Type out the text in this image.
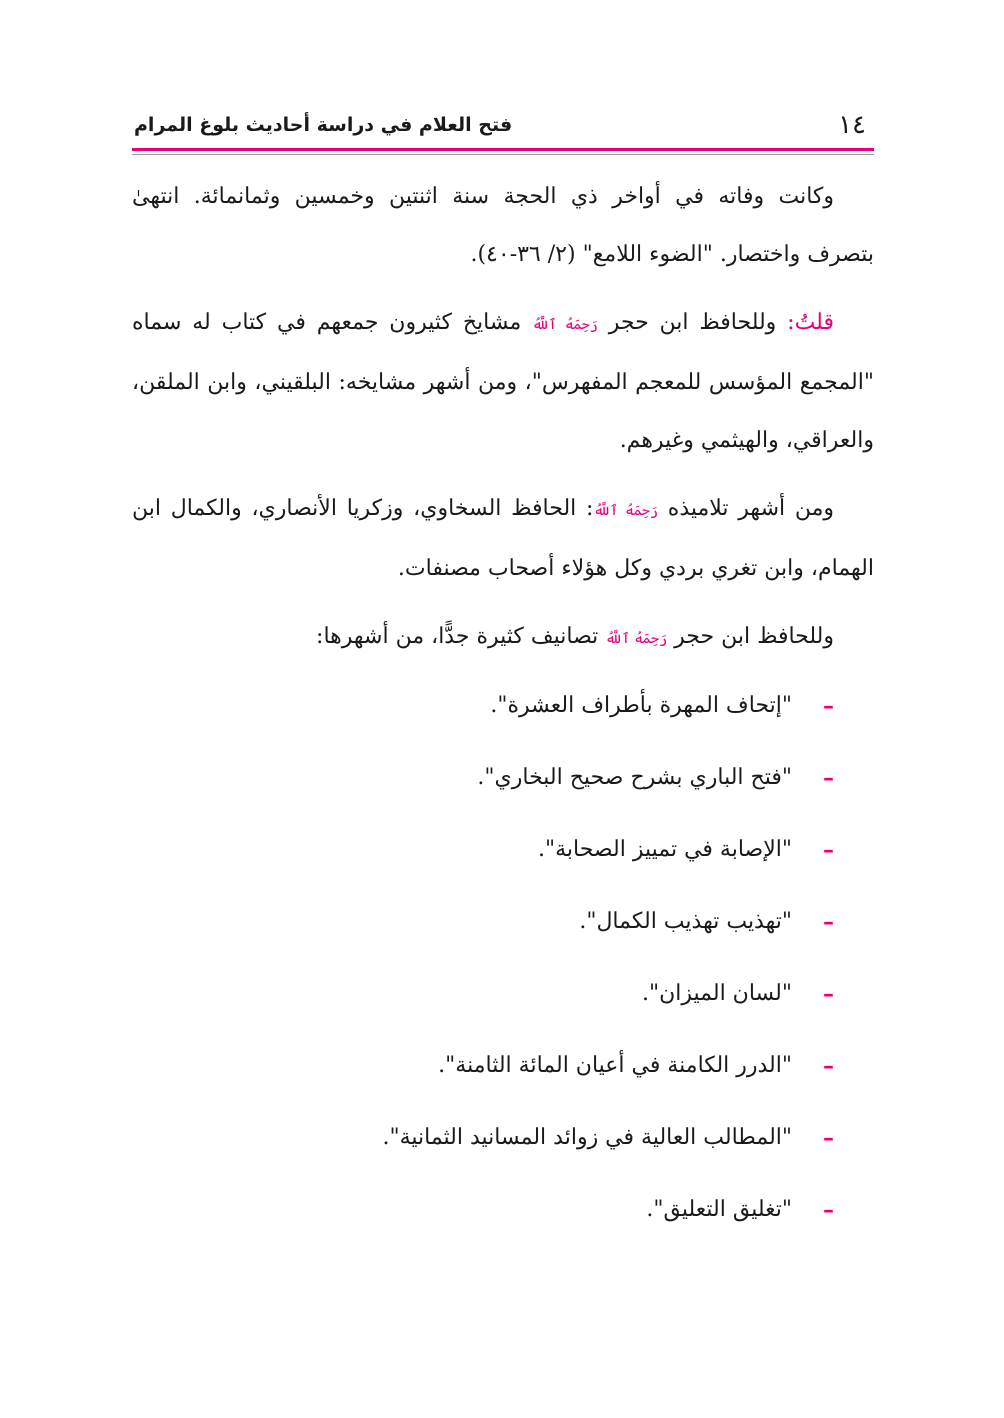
١٤
فتح العلام في دراسة أحاديث بلوغ المرام

وكانت وفاته في أواخر ذي الحجة سنة اثنتين وخمسين وثمانمائة. انتهىٰ بتصرف واختصار. "الضوء اللامع" (٢/ ٣٦-٤٠).

قلتُ: وللحافظ ابن حجر رَحِمَهُ ٱللَّهُ مشايخ كثيرون جمعهم في كتاب له سماه "المجمع المؤسس للمعجم المفهرس"، ومن أشهر مشايخه: البلقيني، وابن الملقن، والعراقي، والهيثمي وغيرهم.

ومن أشهر تلاميذه رَحِمَهُ ٱللَّهُ: الحافظ السخاوي، وزكريا الأنصاري، والكمال ابن الهمام، وابن تغري بردي وكل هؤلاء أصحاب مصنفات.

وللحافظ ابن حجر رَحِمَهُ ٱللَّهُ تصانيف كثيرة جدًّا، من أشهرها:

–
"إتحاف المهرة بأطراف العشرة".
–
"فتح الباري بشرح صحيح البخاري".
–
"الإصابة في تمييز الصحابة".
–
"تهذيب تهذيب الكمال".
–
"لسان الميزان".
–
"الدرر الكامنة في أعيان المائة الثامنة".
–
"المطالب العالية في زوائد المسانيد الثمانية".
–
"تغليق التعليق".
